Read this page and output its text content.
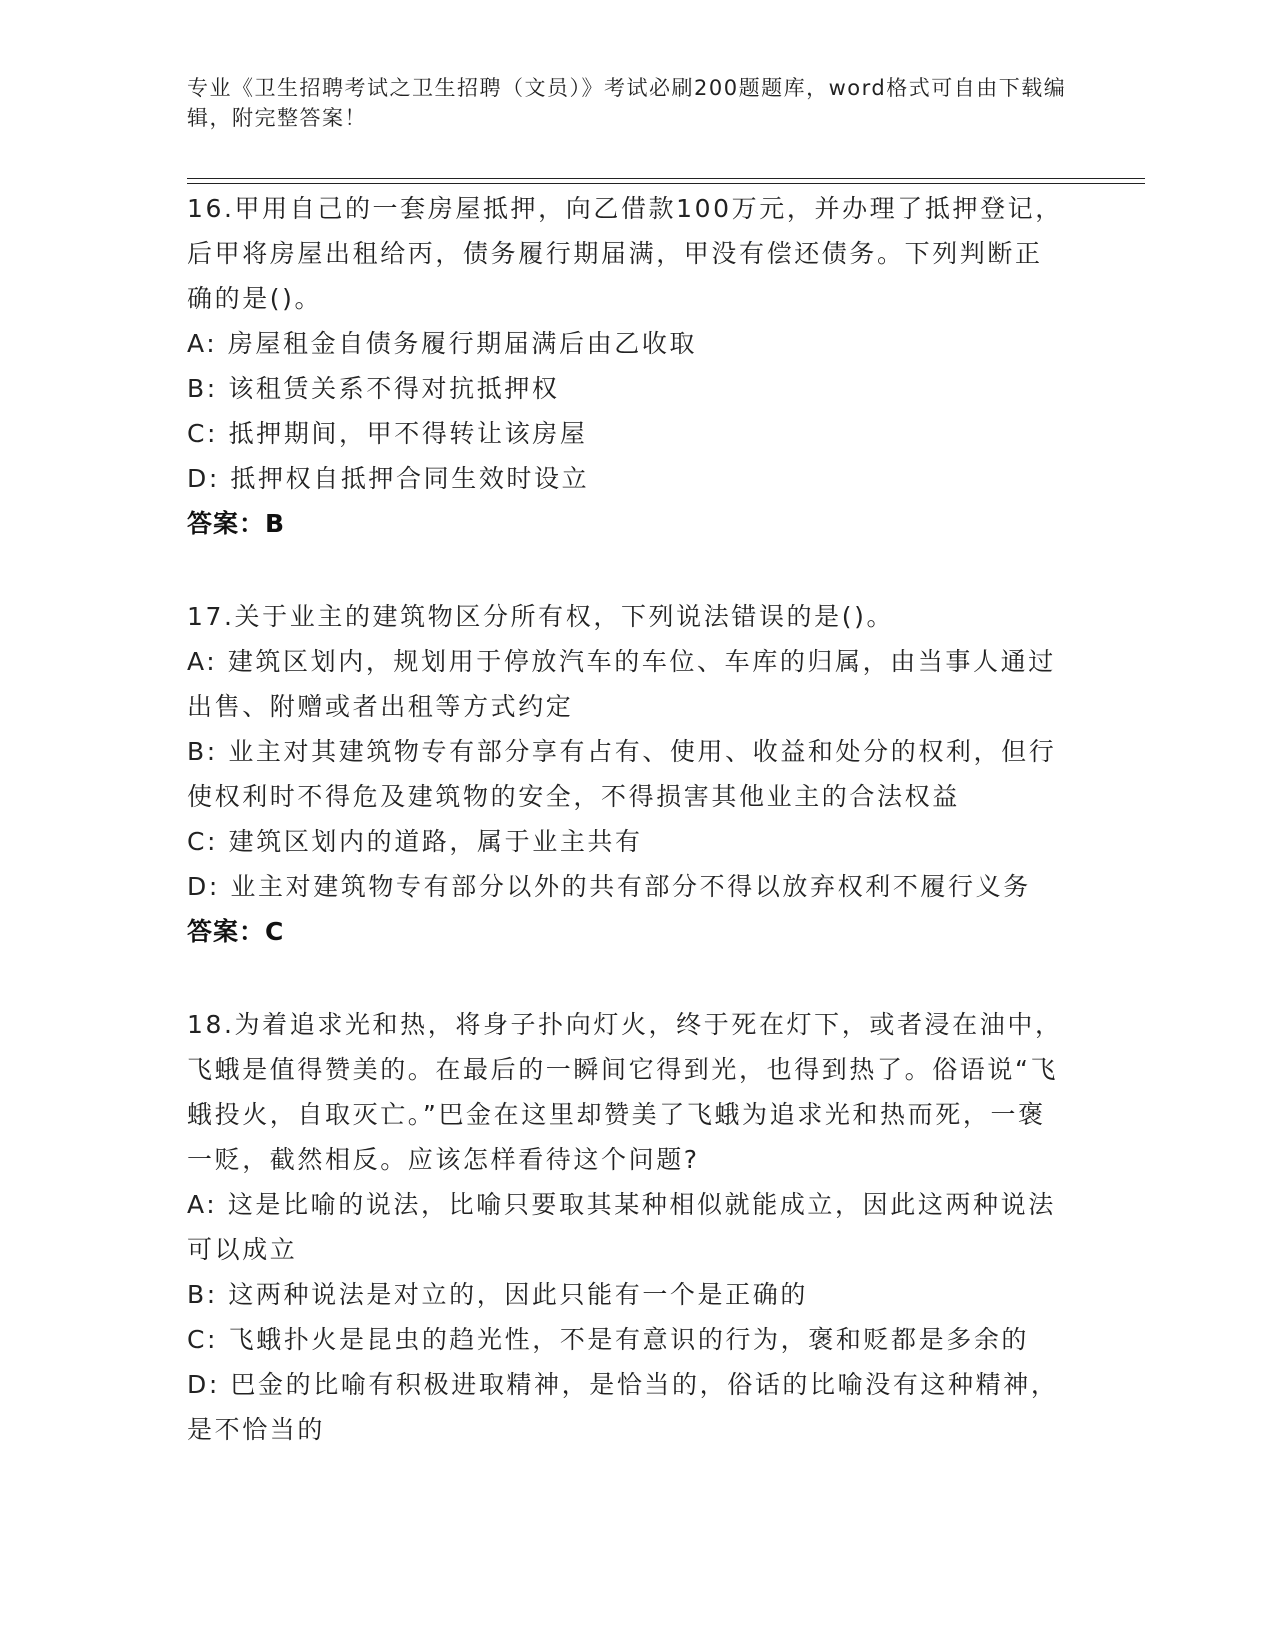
专业《卫生招聘考试之卫生招聘（文员）》考试必刷200题题库，word格式可自由下载编辑，附完整答案！

16.甲用自己的一套房屋抵押，向乙借款100万元，并办理了抵押登记，后甲将房屋出租给丙，债务履行期届满，甲没有偿还债务。下列判断正确的是()。

A: 房屋租金自债务履行期届满后由乙收取

B: 该租赁关系不得对抗抵押权

C: 抵押期间，甲不得转让该房屋

D: 抵押权自抵押合同生效时设立

答案：B

17.关于业主的建筑物区分所有权，下列说法错误的是()。

A: 建筑区划内，规划用于停放汽车的车位、车库的归属，由当事人通过出售、附赠或者出租等方式约定

B: 业主对其建筑物专有部分享有占有、使用、收益和处分的权利，但行使权利时不得危及建筑物的安全，不得损害其他业主的合法权益

C: 建筑区划内的道路，属于业主共有

D: 业主对建筑物专有部分以外的共有部分不得以放弃权利不履行义务

答案：C

18.为着追求光和热，将身子扑向灯火，终于死在灯下，或者浸在油中，飞蛾是值得赞美的。在最后的一瞬间它得到光，也得到热了。俗语说“飞蛾投火，自取灭亡。”巴金在这里却赞美了飞蛾为追求光和热而死，一褒一贬，截然相反。应该怎样看待这个问题?

A: 这是比喻的说法，比喻只要取其某种相似就能成立，因此这两种说法可以成立

B: 这两种说法是对立的，因此只能有一个是正确的

C: 飞蛾扑火是昆虫的趋光性，不是有意识的行为，褒和贬都是多余的

D: 巴金的比喻有积极进取精神，是恰当的，俗话的比喻没有这种精神，是不恰当的
